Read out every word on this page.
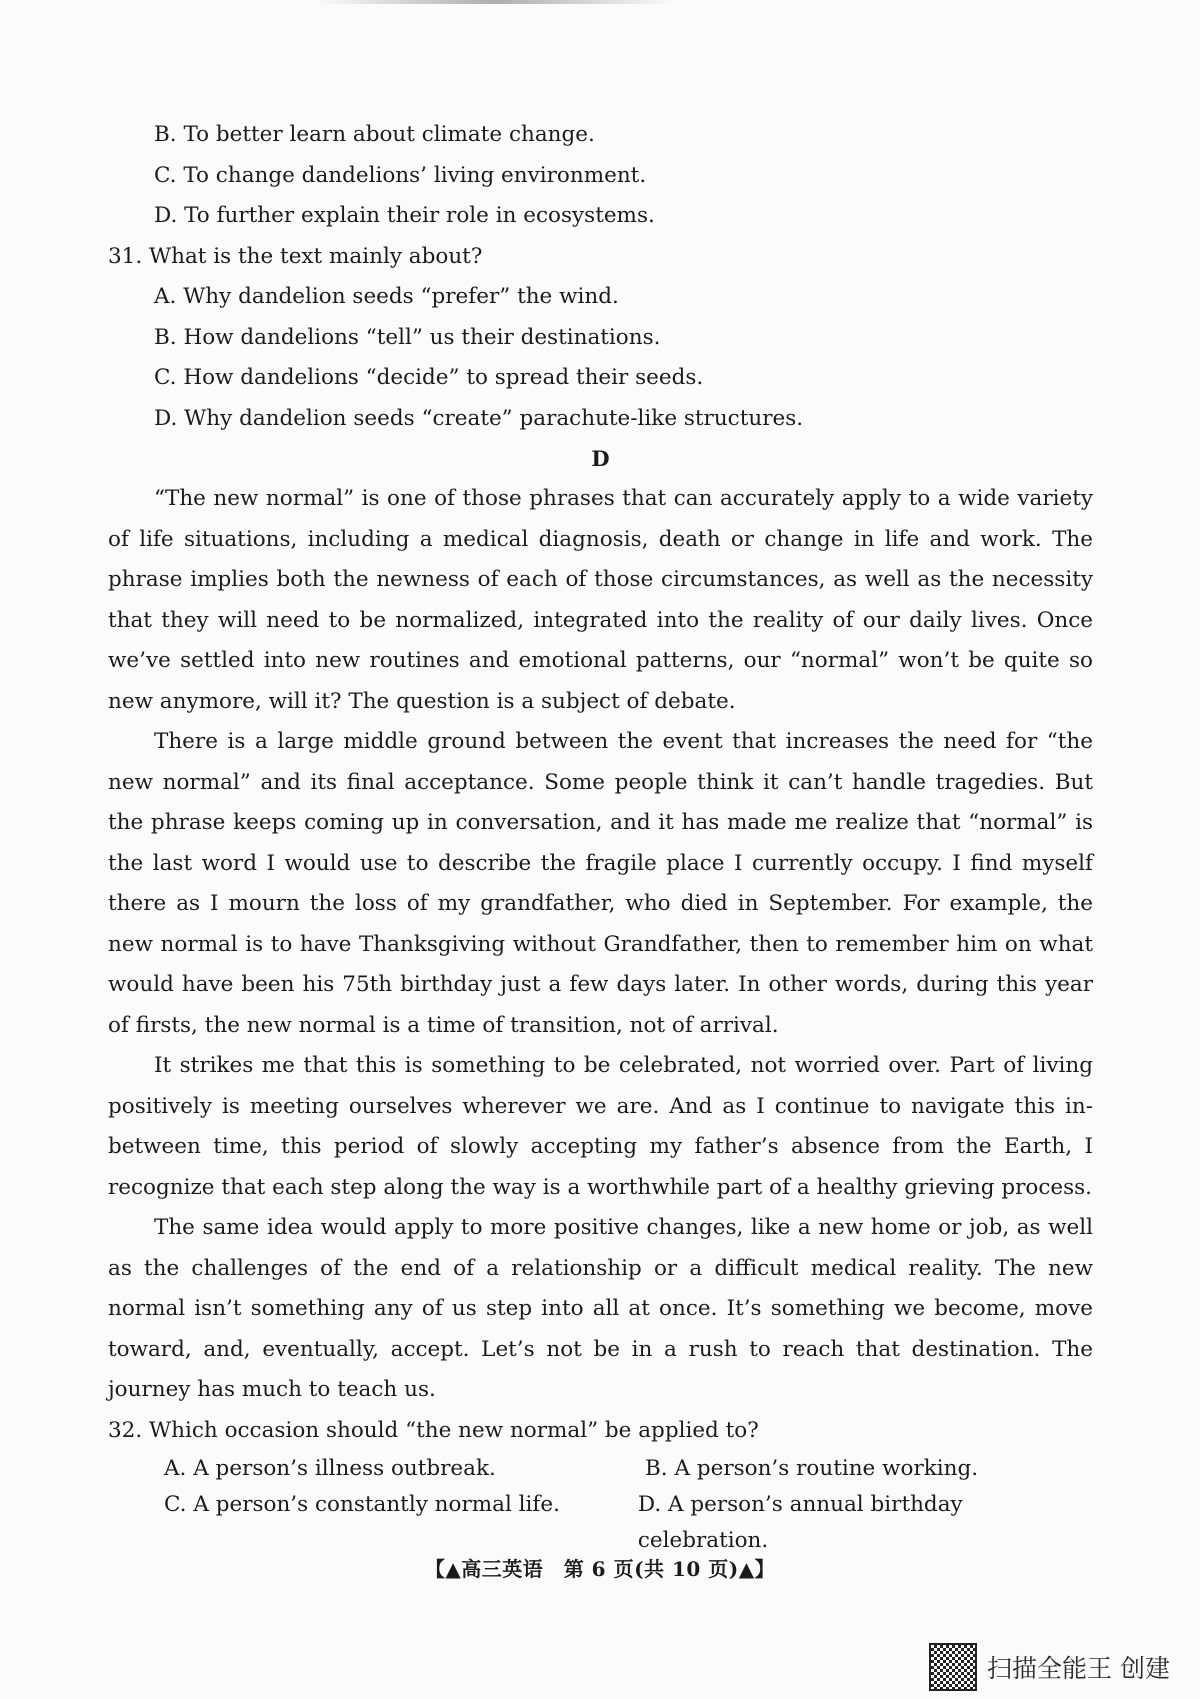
B. To better learn about climate change.
C. To change dandelions’ living environment.
D. To further explain their role in ecosystems.
31. What is the text mainly about?
A. Why dandelion seeds “prefer” the wind.
B. How dandelions “tell” us their destinations.
C. How dandelions “decide” to spread their seeds.
D. Why dandelion seeds “create” parachute-like structures.
D

“The new normal” is one of those phrases that can accurately apply to a wide variety of life situations, including a medical diagnosis, death or change in life and work. The phrase implies both the newness of each of those circumstances, as well as the necessity that they will need to be normalized, integrated into the reality of our daily lives. Once we’ve settled into new routines and emotional patterns, our “normal” won’t be quite so new anymore, will it? The question is a subject of debate.

There is a large middle ground between the event that increases the need for “the new normal” and its final acceptance. Some people think it can’t handle tragedies. But the phrase keeps coming up in conversation, and it has made me realize that “normal” is the last word I would use to describe the fragile place I currently occupy. I find myself there as I mourn the loss of my grandfather, who died in September. For example, the new normal is to have Thanksgiving without Grandfather, then to remember him on what would have been his 75th birthday just a few days later. In other words, during this year of firsts, the new normal is a time of transition, not of arrival.

It strikes me that this is something to be celebrated, not worried over. Part of living positively is meeting ourselves wherever we are. And as I continue to navigate this in-between time, this period of slowly accepting my father’s absence from the Earth, I recognize that each step along the way is a worthwhile part of a healthy grieving process.

The same idea would apply to more positive changes, like a new home or job, as well as the challenges of the end of a relationship or a difficult medical reality. The new normal isn’t something any of us step into all at once. It’s something we become, move toward, and, eventually, accept. Let’s not be in a rush to reach that destination. The journey has much to teach us.

32. Which occasion should “the new normal” be applied to?
A. A person’s illness outbreak.	B. A person’s routine working.
C. A person’s constantly normal life.	D. A person’s annual birthday celebration.
【▲高三英语　第 6 页(共 10 页)▲】
扫描全能王 创建
